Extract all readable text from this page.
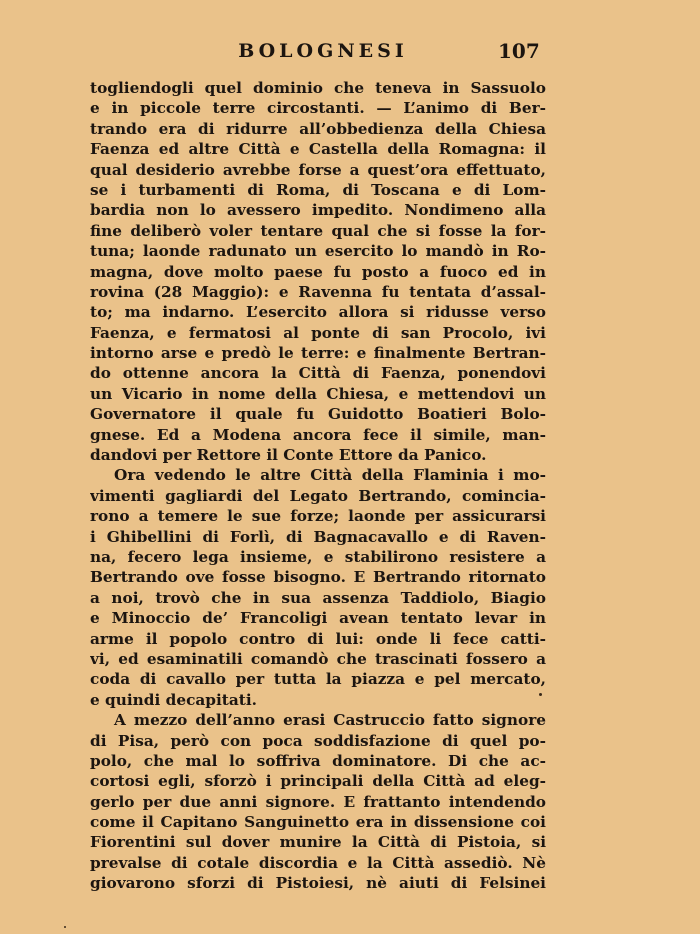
BOLOGNESI	107
togliendogli quel dominio che teneva in Sassuolo
e in piccole terre circostanti. — L’animo di Ber-
trando era di ridurre all’obbedienza della Chiesa
Faenza ed altre Città e Castella della Romagna: il
qual desiderio avrebbe forse a quest’ora effettuato,
se i turbamenti di Roma, di Toscana e di Lom-
bardia non lo avessero impedito. Nondimeno alla
fine deliberò voler tentare qual che si fosse la for-
tuna; laonde radunato un esercito lo mandò in Ro-
magna, dove molto paese fu posto a fuoco ed in
rovina (28 Maggio): e Ravenna fu tentata d’assal-
to; ma indarno. L’esercito allora si ridusse verso
Faenza, e fermatosi al ponte di san Procolo, ivi
intorno arse e predò le terre: e finalmente Bertran-
do ottenne ancora la Città di Faenza, ponendovi
un Vicario in nome della Chiesa, e mettendovi un
Governatore il quale fu Guidotto Boatieri Bolo-
gnese. Ed a Modena ancora fece il simile, man-
dandovi per Rettore il Conte Ettore da Panico.
Ora vedendo le altre Città della Flaminia i mo-
vimenti gagliardi del Legato Bertrando, comincia-
rono a temere le sue forze; laonde per assicurarsi
i Ghibellini di Forlì, di Bagnacavallo e di Raven-
na, fecero lega insieme, e stabilirono resistere a
Bertrando ove fosse bisogno. E Bertrando ritornato
a noi, trovò che in sua assenza Taddiolo, Biagio
e Minoccio de’ Francoligi avean tentato levar in
arme il popolo contro di lui: onde li fece catti-
vi, ed esaminatili comandò che trascinati fossero a
coda di cavallo per tutta la piazza e pel mercato,
e quindi decapitati.
A mezzo dell’anno erasi Castruccio fatto signore
di Pisa, però con poca soddisfazione di quel po-
polo, che mal lo soffriva dominatore. Di che ac-
cortosi egli, sforzò i principali della Città ad eleg-
gerlo per due anni signore. E frattanto intendendo
come il Capitano Sanguinetto era in dissensione coi
Fiorentini sul dover munire la Città di Pistoia, si
prevalse di cotale discordia e la Città assediò. Nè
giovarono sforzi di Pistoiesi, nè aiuti di Felsinei
